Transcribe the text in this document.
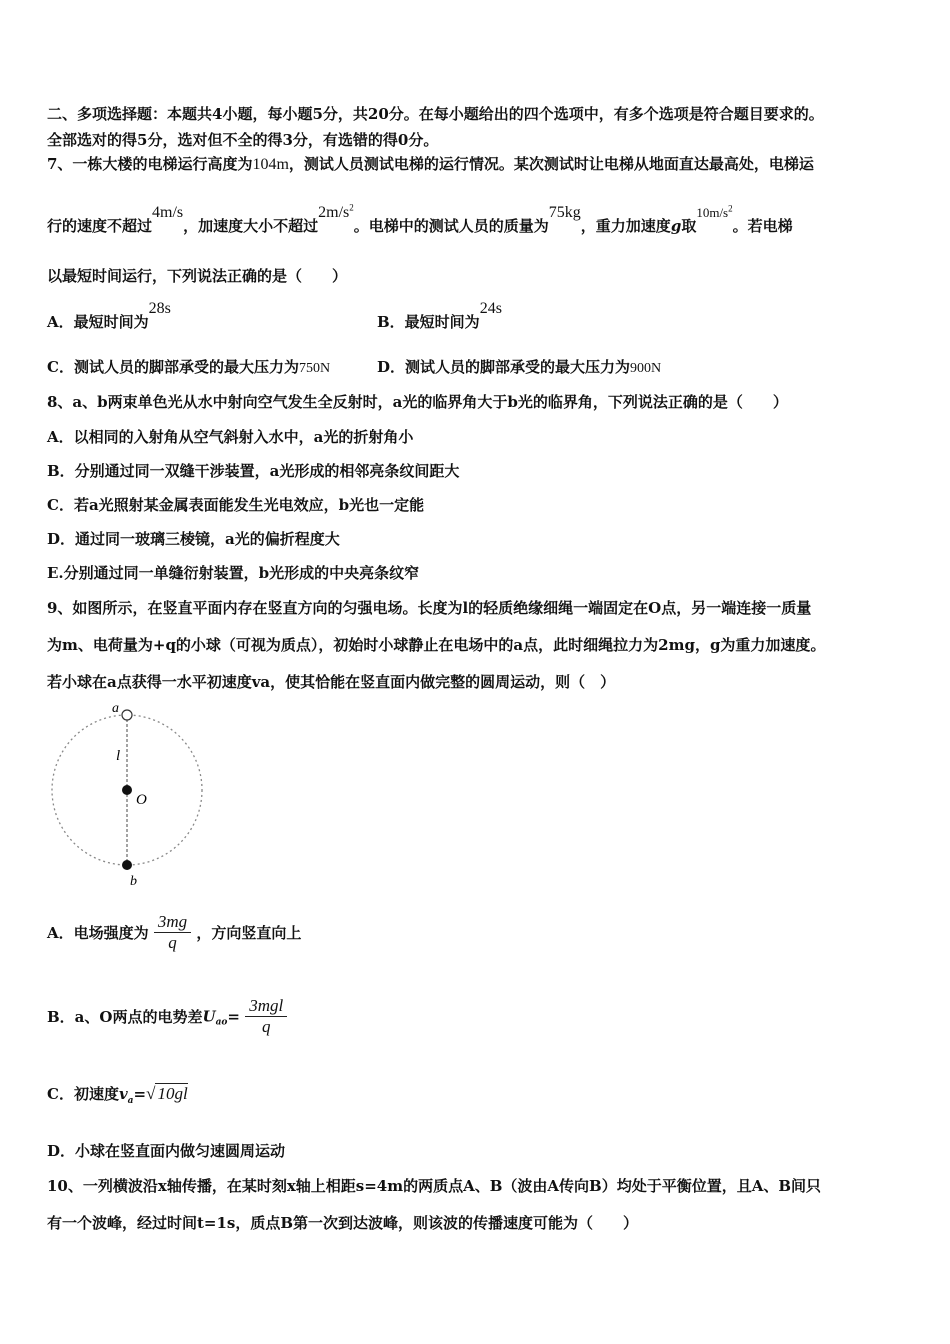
二、多项选择题：本题共4小题，每小题5分，共20分。在每小题给出的四个选项中，有多个选项是符合题目要求的。
全部选对的得5分，选对但不全的得3分，有选错的得0分。
7、一栋大楼的电梯运行高度为104m，测试人员测试电梯的运行情况。某次测试时让电梯从地面直达最高处，电梯运
行的速度不超过4m/s，加速度大小不超过$2m/s^2$。电梯中的测试人员的质量为75kg，重力加速度g取$10m/s^2$。若电梯
以最短时间运行，下列说法正确的是（　　）
A．最短时间为28s
B．最短时间为24s
C．测试人员的脚部承受的最大压力为750N	D．测试人员的脚部承受的最大压力为900N
8、a、b两束单色光从水中射向空气发生全反射时，a光的临界角大于b光的临界角，下列说法正确的是（　　）
A．以相同的入射角从空气斜射入水中，a光的折射角小
B．分别通过同一双缝干涉装置，a光形成的相邻亮条纹间距大
C．若a光照射某金属表面能发生光电效应，b光也一定能
D．通过同一玻璃三棱镜，a光的偏折程度大
E.分别通过同一单缝衍射装置，b光形成的中央亮条纹窄
9、如图所示，在竖直平面内存在竖直方向的匀强电场。长度为l的轻质绝缘细绳一端固定在O点，另一端连接一质量
为m、电荷量为+q的小球（可视为质点），初始时小球静止在电场中的a点，此时细绳拉力为2mg，g为重力加速度。
若小球在a点获得一水平初速度va，使其恰能在竖直面内做完整的圆周运动，则（　）
a
l
O
b
A．电场强度为 $\frac{3mg}{q}$ ，方向竖直向上
B．a、O两点的电势差$U_{ao}= \frac{\text{3mgl}}{q}$
C．初速度$v_a=√$ 10gl
D．小球在竖直面内做匀速圆周运动
10、一列横波沿x轴传播，在某时刻x轴上相距s=4m的两质点A、B（波由A传向B）均处于平衡位置，且A、B间只
有一个波峰，经过时间t=1s，质点B第一次到达波峰，则该波的传播速度可能为（　　）
